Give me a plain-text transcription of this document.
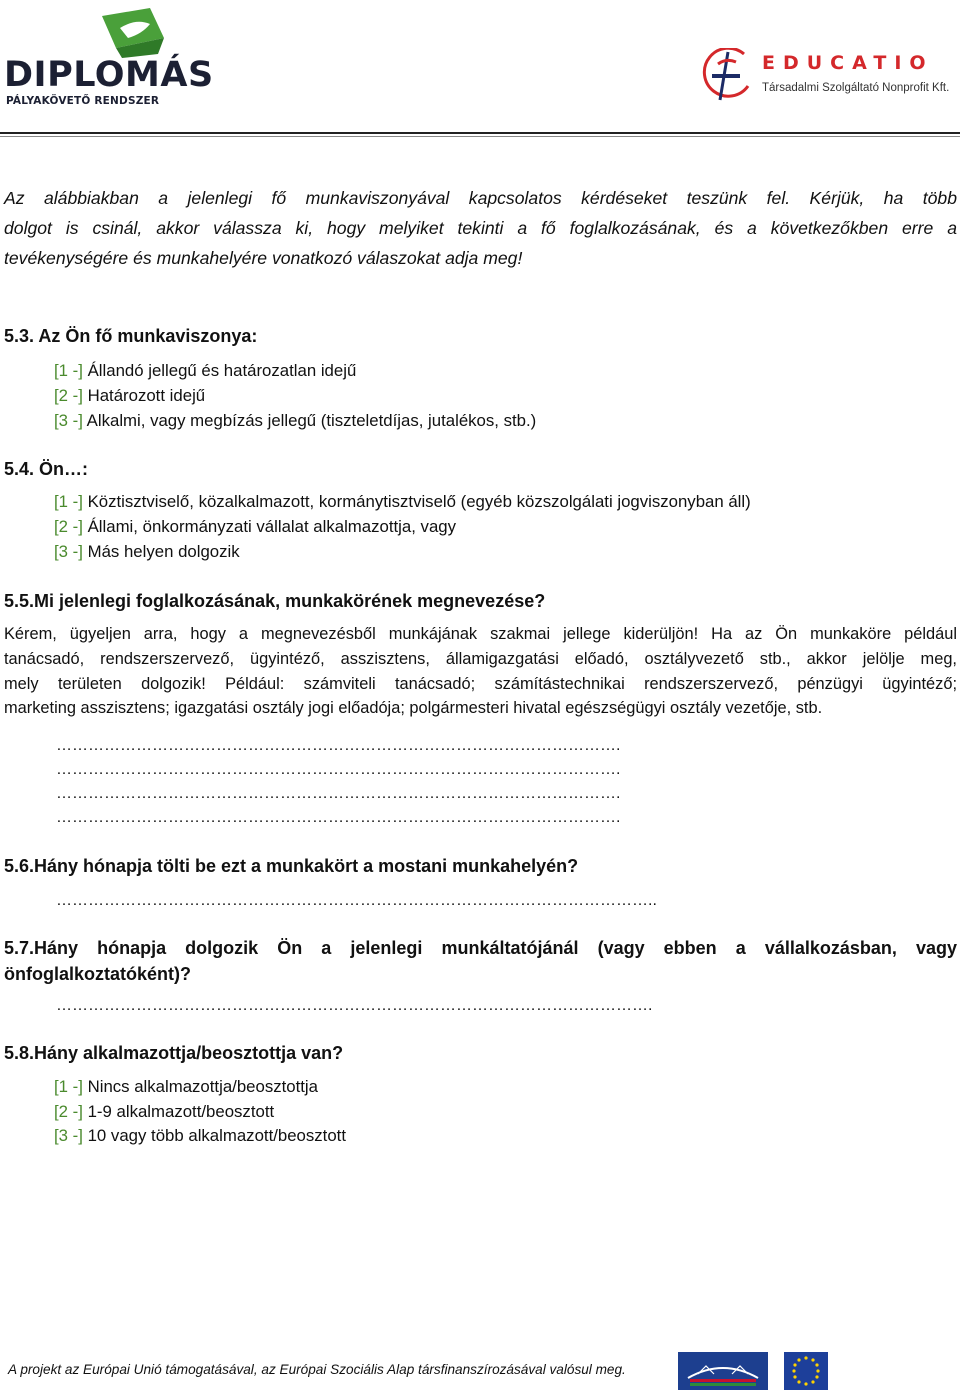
DIPLOMÁS
PÁLYAKÖVETŐ RENDSZER
EDUCATIO
Társadalmi Szolgáltató Nonprofit Kft.
Az alábbiakban a jelenlegi fő munkaviszonyával kapcsolatos kérdéseket teszünk fel. Kérjük, ha több
dolgot is csinál, akkor válassza ki, hogy melyiket tekinti a fő foglalkozásának, és a következőkben erre a
tevékenységére és munkahelyére vonatkozó válaszokat adja meg!
5.3. Az Ön fő munkaviszonya:
[1 -] Állandó jellegű és határozatlan idejű
[2 -] Határozott idejű
[3 -] Alkalmi, vagy megbízás jellegű (tiszteletdíjas, jutalékos, stb.)
5.4. Ön…:
[1 -] Köztisztviselő, közalkalmazott, kormánytisztviselő (egyéb közszolgálati jogviszonyban áll)
[2 -] Állami, önkormányzati vállalat alkalmazottja, vagy
[3 -] Más helyen dolgozik
5.5.Mi jelenlegi foglalkozásának, munkakörének megnevezése?
Kérem, ügyeljen arra, hogy a megnevezésből munkájának szakmai jellege kiderüljön! Ha az Ön munkaköre például
tanácsadó, rendszerszervező, ügyintéző, asszisztens, államigazgatási előadó, osztályvezető stb., akkor jelölje meg,
mely területen dolgozik! Például: számviteli tanácsadó; számítástechnikai rendszerszervező, pénzügyi ügyintéző;
marketing asszisztens; igazgatási osztály jogi előadója; polgármesteri hivatal egészségügyi osztály vezetője, stb.
…………………………………………………………………………………………….
…………………………………………………………………………………………….
…………………………………………………………………………………………….
…………………………………………………………………………………………….
5.6.Hány hónapja tölti be ezt a munkakört a mostani munkahelyén?
…………………………………………………………………………………………………..
5.7.Hány hónapja dolgozik Ön a jelenlegi munkáltatójánál (vagy ebben a vállalkozásban, vagy
önfoglalkoztatóként)?
………………………………………………………………………………………………….
5.8.Hány alkalmazottja/beosztottja van?
[1 -] Nincs alkalmazottja/beosztottja
[2 -] 1-9 alkalmazott/beosztott
[3 -] 10 vagy több alkalmazott/beosztott
A projekt az Európai Unió támogatásával, az Európai Szociális Alap társfinanszírozásával valósul meg.
